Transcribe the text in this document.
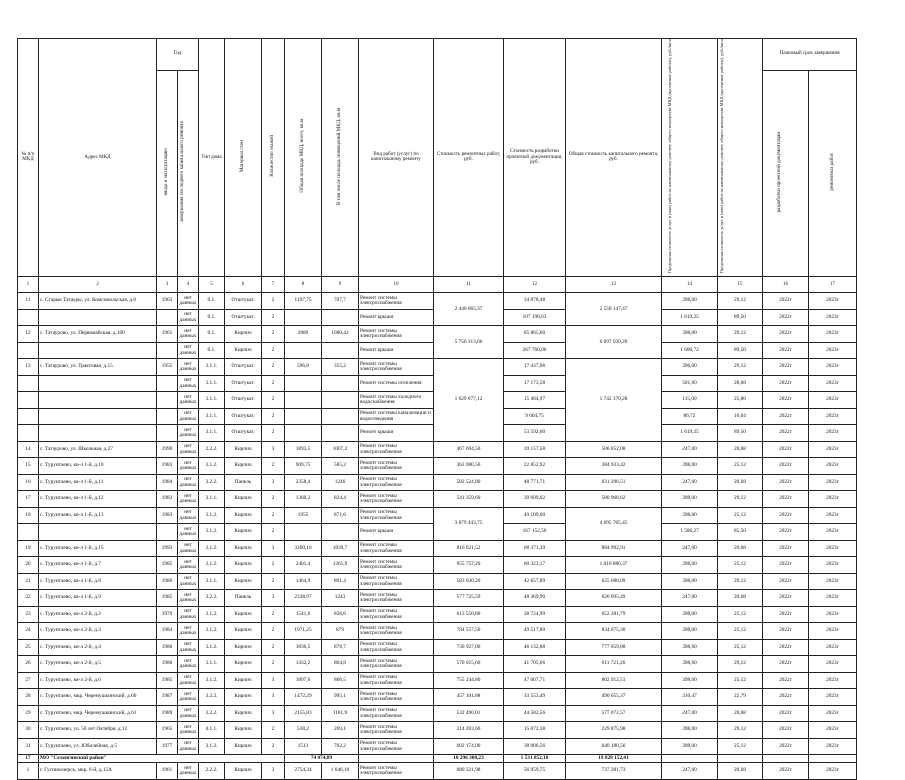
№ п/п МКД	Адрес МКД	Год		Тип дома	Материал стен	Количество этажей	Общая площадь МКД, всего, кв.м	В том числе площадь помещений МКД, кв.м	Вид работ (услуг) по капитальному ремонту	Стоимость ремонтных работ, руб.	Стоимость разработки проектной документации, руб.	Общая стоимость капитального ремонта, руб.	Предельная стоимость услуг и (или) работ по капитальному ремонту общего имущества МКД (проектные работы), руб./кв.м	Предельная стоимость услуг и (или) работ по капитальному ремонту общего имущества МКД (проектные работы), руб./кв.м	Плановый срок завершения	
		ввода в эксплуатацию	завершения последнего капитального ремонта												разработки проектной документации	ремонтных работ
1	2	3	4	5	6	7	8	9	10	11	12	13	14	15	16	17
11	с. Старые Татауры, ул. Комсомольская, д.6	1963	нет данных	б.1.	Отштукат.	2	1197,75	707,7	Ремонт системы электроснабжения	2 446 065,37	34 878,48	2 558 147,47	398,00	29,12	2022г	2023г
			нет данных	б.1.	Отштукат.	2			Ремонт крыши		107 198,63		1 619,25	89,50	2022г	2023г
12	с. Татаурово, ул. Первомайская, д.100	1961	нет данных	б.1.	Кирпич	2	2880	1000,42	Ремонт системы электроснабжения	5 756 313,60	85 865,60	6 097 939,20	398,00	29,12	2022г	2023г
			нет данных	б.1.	Кирпич	2			Ремонт крыши		267 760,00		1 600,72	89,50	2022г	2023г
13	с. Татаурово, ул. Трактовая, д.15	1955	нет данных	3.1.1.	Отштукат.	2	596,8	355,2	Ремонт системы электроснабжения	1 629 077,12	17 437,06	1 742 370,28	396,00	29,12	2022г	2023г
			нет данных	3.1.1.	Отштукат.	2			Ремонт системы отопления		17 173,58		501,60	28,68	2022г	2023г
			нет данных	3.1.1.	Отштукат.	2			Ремонт системы холодного водоснабжения		15 484,97		115,00	25,86	2022г	2023г
			нет данных	3.1.1.	Отштукат.	2			Ремонт системы канализации и водоотведения		9 604,75		86,72	16,04	2022г	2023г
			нет данных	3.1.1.	Отштукат.	2			Ремонт крыши		53 592,60		1 619,25	89,50	2022г	2023г
14	с. Татаурово, ул. Школьная, д.27	1990	нет данных	2.2.2.	Кирпич	3	1893,5	1007,2	Ремонт системы электроснабжения	467 694,50	39 157,58	506 852,08	247,00	20,68	2022г	2023г
15	с. Турунтаево, кв-л 1-й, д.10	1983	нет данных	3.1.2.	Кирпич	2	909,75	585,2	Ремонт системы электроснабжения	362 080,50	22 852,92	384 933,42	398,00	25,12	2022г	2023г
16	с. Турунтаево, кв-л 1-й, д.11	1984	нет данных	3.2.2.	Панель	3	2358,4	1246	Ремонт системы электроснабжения	582 524,80	48 771,71	631 296,51	247,00	20,68	2022г	2023г
17	с. Турунтаево, кв-л 1-й, д.12	1982	нет данных	3.1.1.	Кирпич	2	1360,2	824,4	Ремонт системы электроснабжения	541 359,60	39 609,02	580 968,62	398,00	29,12	2022г	2023г
18	с. Турунтаево, кв-л 1-й, д.13	1983	нет данных	3.1.2.	Кирпич	2	1955	871,6	Ремонт системы электроснабжения	3 879 443,75	49 109,60	4 095 705,45	398,00	25,12	2022г	2023г
			нет данных	3.1.2.	Кирпич	2			Ремонт крыши		167 152,50		1 586,27	85,50	2022г	2023г
19	с. Турунтаево, кв-л 1-й, д.15	1993	нет данных	3.1.2.	Кирпич	3	3300,16	1839,7	Ремонт системы электроснабжения	816 621,52	68 371,39	884 992,91	247,00	20,68	2022г	2023г
20	с. Турунтаево, кв-л 1-й, д.7	1985	нет данных	3.1.2.	Кирпич	2	2401,4	1261,9	Ремонт системы электроснабжения	955 757,20	60 323,17	1 016 080,37	398,00	25,12	2022г	2023г
21	с. Турунтаево, кв-л 1-й, д.8	1986	нет данных	3.1.1.	Кирпич	2	1464,9	891,4	Ремонт системы электроснабжения	583 030,20	42 657,89	625 688,09	398,00	29,12	2022г	2023г
22	с. Турунтаево, кв-л 1-й, д.9	1985	нет данных	3.2.2.	Панель	3	2338,97	1243	Ремонт системы электроснабжения	577 725,59	48 369,90	626 095,49	247,00	20,68	2022г	2023г
23	с. Турунтаево, кв-л 2-й, д.2	1979	нет данных	3.1.2.	Кирпич	2	1541,6	836,6	Ремонт системы электроснабжения	613 556,80	38 724,99	652 281,79	398,00	25,12	2022г	2023г
24	с. Турунтаево, кв-л 2-й, д.3	1984	нет данных	3.1.2.	Кирпич	2	1971,25	879	Ремонт системы электроснабжения	784 557,50	49 517,80	834 075,30	398,00	25,12	2022г	2023г
25	с. Турунтаево, кв-л 2-й, д.4	1980	нет данных	3.1.2.	Кирпич	2	1836,5	878,7	Ремонт системы электроснабжения	730 927,00	46 132,88	777 059,88	398,00	25,12	2022г	2023г
26	с. Турунтаево, кв-л 2-й, д.5	1980	нет данных	3.1.1.	Кирпич	2	1432,2	864,8	Ремонт системы электроснабжения	570 015,60	41 705,66	611 721,26	398,00	29,12	2022г	2023г
27	с. Турунтаево, кв-л 2-й, д.6	1985	нет данных	3.1.2.	Кирпич	3	1897,6	866,5	Ремонт системы электроснабжения	755 244,80	47 667,71	802 912,51	398,00	25,12	2022г	2023г
28	с. Турунтаево, мкр. Черемушкинский, д.60	1987	нет данных	3.2.2.	Кирпич	3	1472,29	995,1	Ремонт системы электроснабжения	457 101,88	33 553,49	490 655,37	310,47	22,79	2022г	2023г
29	с. Турунтаево, мкр. Черемушкинский, д.61	1989	нет данных	3.2.2.	Кирпич	3	2155,83	1181,9	Ремонт системы электроснабжения	532 490,01	44 582,56	577 072,57	247,00	20,68	2022г	2023г
30	с. Турунтаево, ул. 50 лет Октября, д.12	1965	нет данных	4.1.1.	Кирпич	2	538,2	269,1	Ремонт системы электроснабжения	214 203,60	15 672,38	229 875,98	398,00	29,12	2022г	2023г
31	с. Турунтаево, ул. Юбилейная, д.5	1977	нет данных	3.1.2.	Кирпич	2	1513	702,2	Ремонт системы электроснабжения	602 174,00	38 006,56	640 180,56	398,00	25,12	2022г	2023г
17	МО "Селенгинский район"						74 074,09			18 296 300,23	1 531 852,18	19 828 152,41				
1	г. Гусиноозерск, мкр. 6-й, д.15А	1961	нет данных	2.2.2.	Кирпич	3	2754,34	1 646,10	Ремонт системы электроснабжения	680 321,98	56 959,75	737 281,73	247,00	20,68	2022г	2023г
